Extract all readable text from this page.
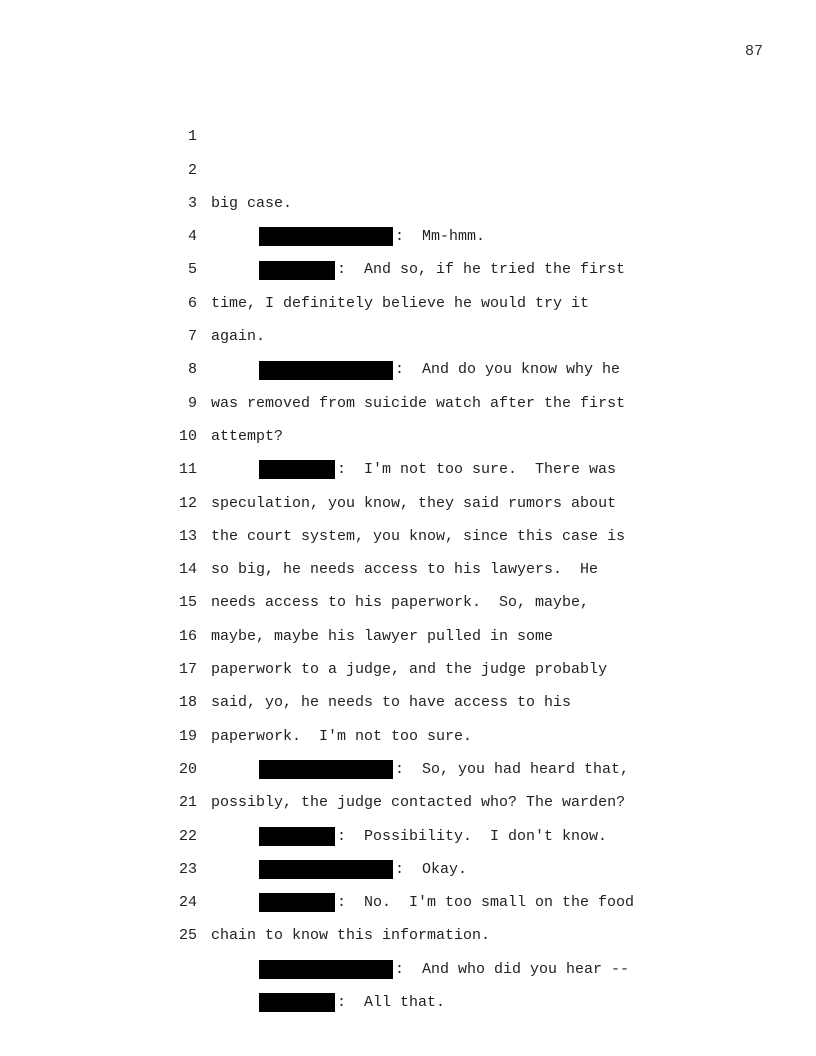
87

1

big case.

2

:  Mm-hmm.

3

:  And so, if he tried the first

4

time, I definitely believe he would try it

5

again.

6

:  And do you know why he

7

was removed from suicide watch after the first

8

attempt?

9

:  I'm not too sure.  There was

10

speculation, you know, they said rumors about

11

the court system, you know, since this case is

12

so big, he needs access to his lawyers.  He

13

needs access to his paperwork.  So, maybe,

14

maybe, maybe his lawyer pulled in some

15

paperwork to a judge, and the judge probably

16

said, yo, he needs to have access to his

17

paperwork.  I'm not too sure.

18

:  So, you had heard that,

19

possibly, the judge contacted who? The warden?

20

:  Possibility.  I don't know.

21

:  Okay.

22

:  No.  I'm too small on the food

23

chain to know this information.

24

:  And who did you hear --

25

:  All that.
